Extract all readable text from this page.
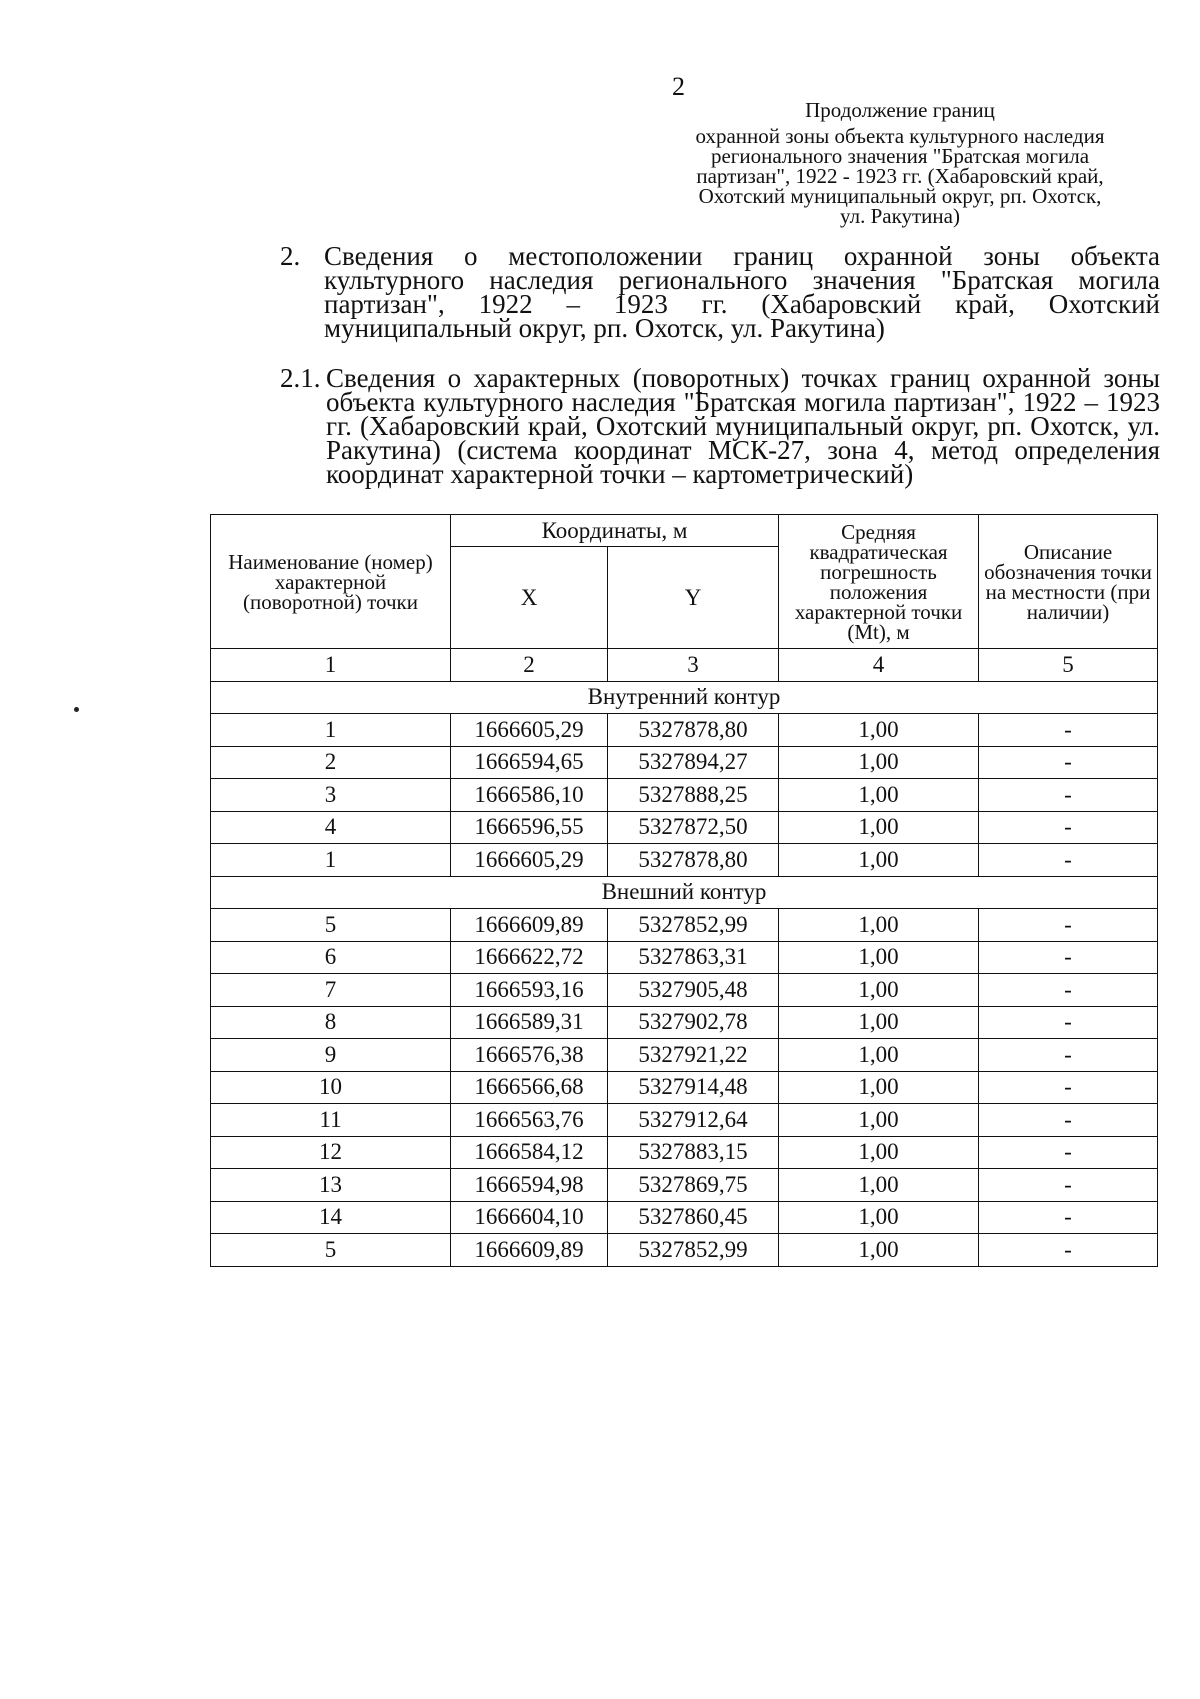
2
Продолжение границ
охранной зоны объекта культурного наследия
регионального значения "Братская могила
партизан", 1922 - 1923 гг. (Хабаровский край,
Охотский муниципальный округ, рп. Охотск,
ул. Ракутина)
2. Сведения о местоположении границ охранной зоны объекта культурного наследия регионального значения "Братская могила партизан", 1922 – 1923 гг. (Хабаровский край, Охотский муниципальный округ, рп. Охотск, ул. Ракутина)
2.1. Сведения о характерных (поворотных) точках границ охранной зоны объекта культурного наследия "Братская могила партизан", 1922 – 1923 гг. (Хабаровский край, Охотский муниципальный округ, рп. Охотск, ул. Ракутина) (система координат МСК-27, зона 4, метод определения координат характерной точки – картометрический)
Наименование (номер) характерной (поворотной) точки	Координаты, м		Средняя квадратическая погрешность положения характерной точки (Mt), м	Описание обозначения точки на местности (при наличии)
	X	Y		
1	2	3	4	5
Внутренний контур				
1	1666605,29	5327878,80	1,00	-
2	1666594,65	5327894,27	1,00	-
3	1666586,10	5327888,25	1,00	-
4	1666596,55	5327872,50	1,00	-
1	1666605,29	5327878,80	1,00	-
Внешний контур				
5	1666609,89	5327852,99	1,00	-
6	1666622,72	5327863,31	1,00	-
7	1666593,16	5327905,48	1,00	-
8	1666589,31	5327902,78	1,00	-
9	1666576,38	5327921,22	1,00	-
10	1666566,68	5327914,48	1,00	-
11	1666563,76	5327912,64	1,00	-
12	1666584,12	5327883,15	1,00	-
13	1666594,98	5327869,75	1,00	-
14	1666604,10	5327860,45	1,00	-
5	1666609,89	5327852,99	1,00	-
